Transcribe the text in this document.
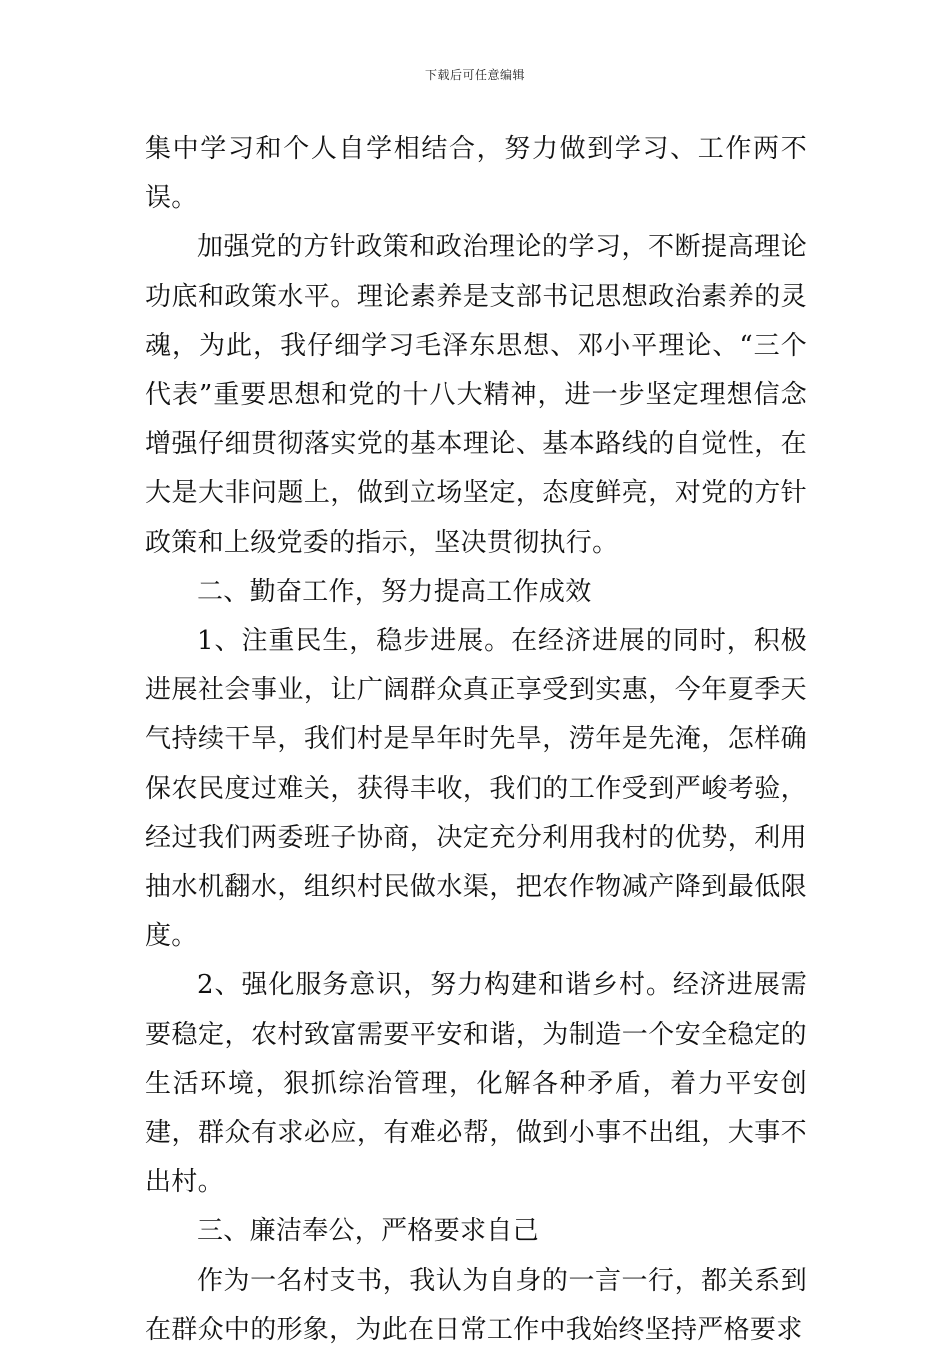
下载后可任意编辑

集中学习和个人自学相结合，努力做到学习、工作两不误。

加强党的方针政策和政治理论的学习，不断提高理论功底和政策水平。理论素养是支部书记思想政治素养的灵魂，为此，我仔细学习毛泽东思想、邓小平理论、“三个代表”重要思想和党的十八大精神，进一步坚定理想信念增强仔细贯彻落实党的基本理论、基本路线的自觉性，在大是大非问题上，做到立场坚定，态度鲜亮，对党的方针政策和上级党委的指示，坚决贯彻执行。

二、勤奋工作，努力提高工作成效

1、注重民生，稳步进展。在经济进展的同时，积极进展社会事业，让广阔群众真正享受到实惠，今年夏季天气持续干旱，我们村是旱年时先旱，涝年是先淹，怎样确保农民度过难关，获得丰收，我们的工作受到严峻考验，经过我们两委班子协商，决定充分利用我村的优势，利用抽水机翻水，组织村民做水渠，把农作物减产降到最低限度。

2、强化服务意识，努力构建和谐乡村。经济进展需要稳定，农村致富需要平安和谐，为制造一个安全稳定的生活环境，狠抓综治管理，化解各种矛盾，着力平安创建，群众有求必应，有难必帮，做到小事不出组，大事不出村。

三、廉洁奉公，严格要求自己

作为一名村支书，我认为自身的一言一行，都关系到在群众中的形象，为此在日常工作中我始终坚持严格要求
